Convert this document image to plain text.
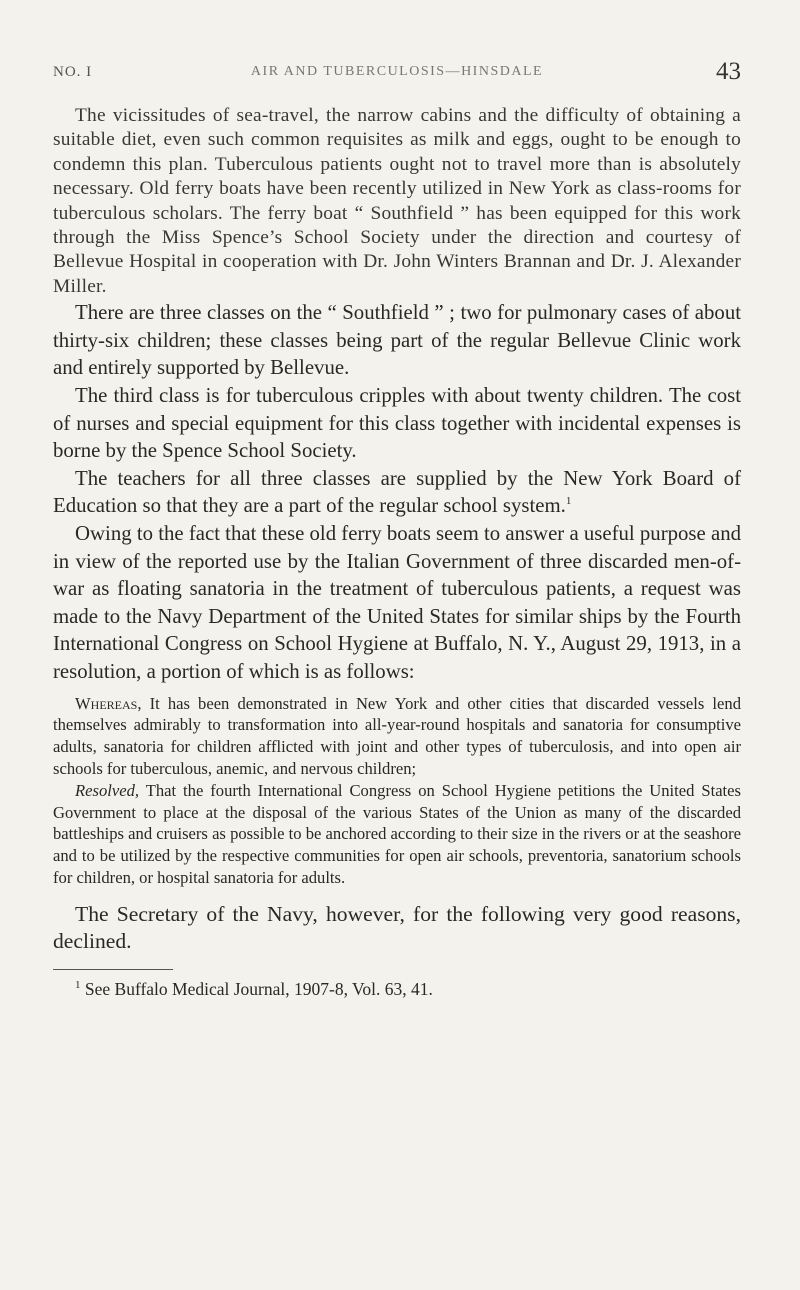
NO. I	AIR AND TUBERCULOSIS—HINSDALE	43

The vicissitudes of sea-travel, the narrow cabins and the difficulty of obtaining a suitable diet, even such common requisites as milk and eggs, ought to be enough to condemn this plan. Tuberculous patients ought not to travel more than is absolutely necessary. Old ferry boats have been recently utilized in New York as class-rooms for tuberculous scholars. The ferry boat “ Southfield ” has been equipped for this work through the Miss Spence’s School Society under the direction and courtesy of Bellevue Hospital in cooperation with Dr. John Winters Brannan and Dr. J. Alexander Miller.

There are three classes on the “ Southfield ” ; two for pulmonary cases of about thirty-six children; these classes being part of the regular Bellevue Clinic work and entirely supported by Bellevue.

The third class is for tuberculous cripples with about twenty children. The cost of nurses and special equipment for this class together with incidental expenses is borne by the Spence School Society.

The teachers for all three classes are supplied by the New York Board of Education so that they are a part of the regular school system.$^1$

Owing to the fact that these old ferry boats seem to answer a useful purpose and in view of the reported use by the Italian Government of three discarded men-of-war as floating sanatoria in the treatment of tuberculous patients, a request was made to the Navy Department of the United States for similar ships by the Fourth International Congress on School Hygiene at Buffalo, N. Y., August 29, 1913, in a resolution, a portion of which is as follows:

Whereas, It has been demonstrated in New York and other cities that discarded vessels lend themselves admirably to transformation into all-year-round hospitals and sanatoria for consumptive adults, sanatoria for children afflicted with joint and other types of tuberculosis, and into open air schools for tuberculous, anemic, and nervous children;

Resolved, That the fourth International Congress on School Hygiene petitions the United States Government to place at the disposal of the various States of the Union as many of the discarded battleships and cruisers as possible to be anchored according to their size in the rivers or at the seashore and to be utilized by the respective communities for open air schools, preventoria, sanatorium schools for children, or hospital sanatoria for adults.

The Secretary of the Navy, however, for the following very good reasons, declined.

$^1$ See Buffalo Medical Journal, 1907-8, Vol. 63, 41.
